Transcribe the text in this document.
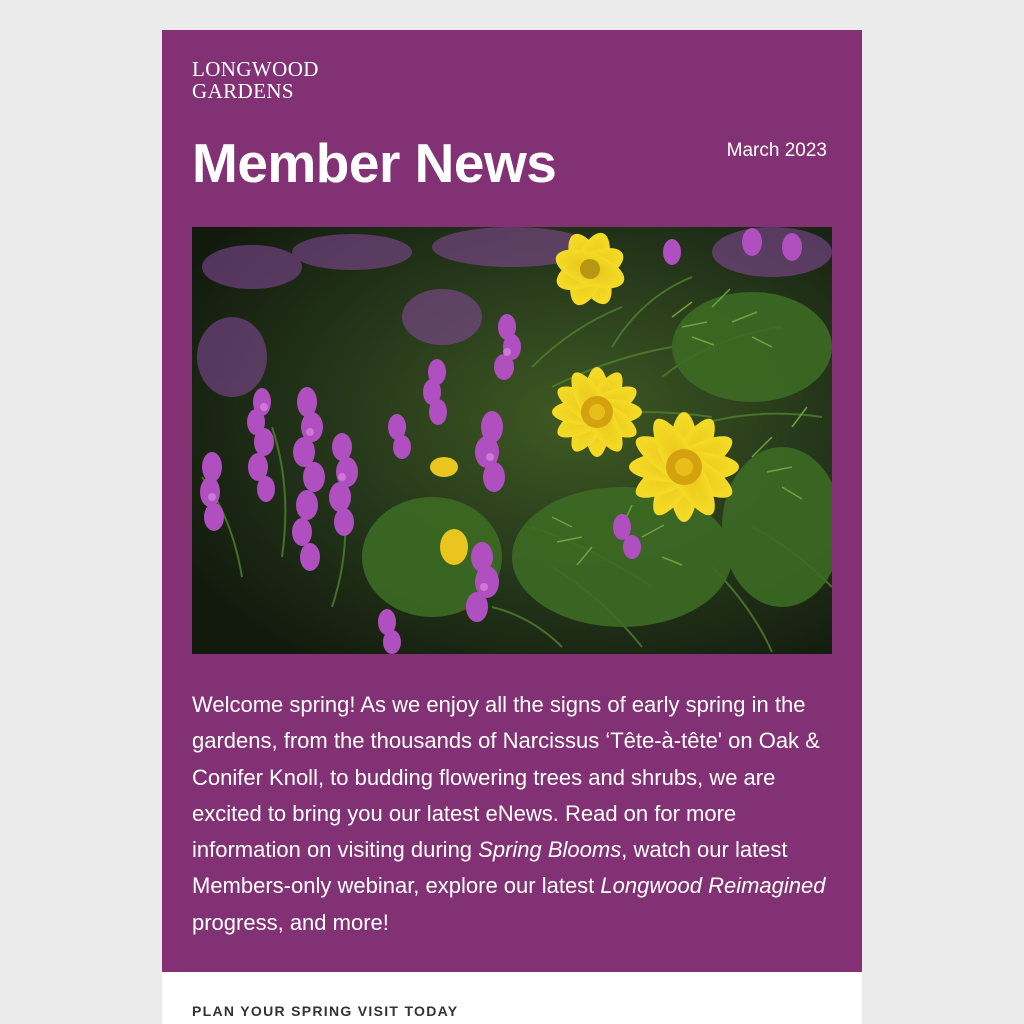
LONGWOOD
GARDENS
Member News	March 2023

Welcome spring! As we enjoy all the signs of early spring in the gardens, from the thousands of Narcissus ‘Tête-à-tête' on Oak & Conifer Knoll, to budding flowering trees and shrubs, we are excited to bring you our latest eNews. Read on for more information on visiting during Spring Blooms, watch our latest Members-only webinar, explore our latest Longwood Reimagined progress, and more!

PLAN YOUR SPRING VISIT TODAY
